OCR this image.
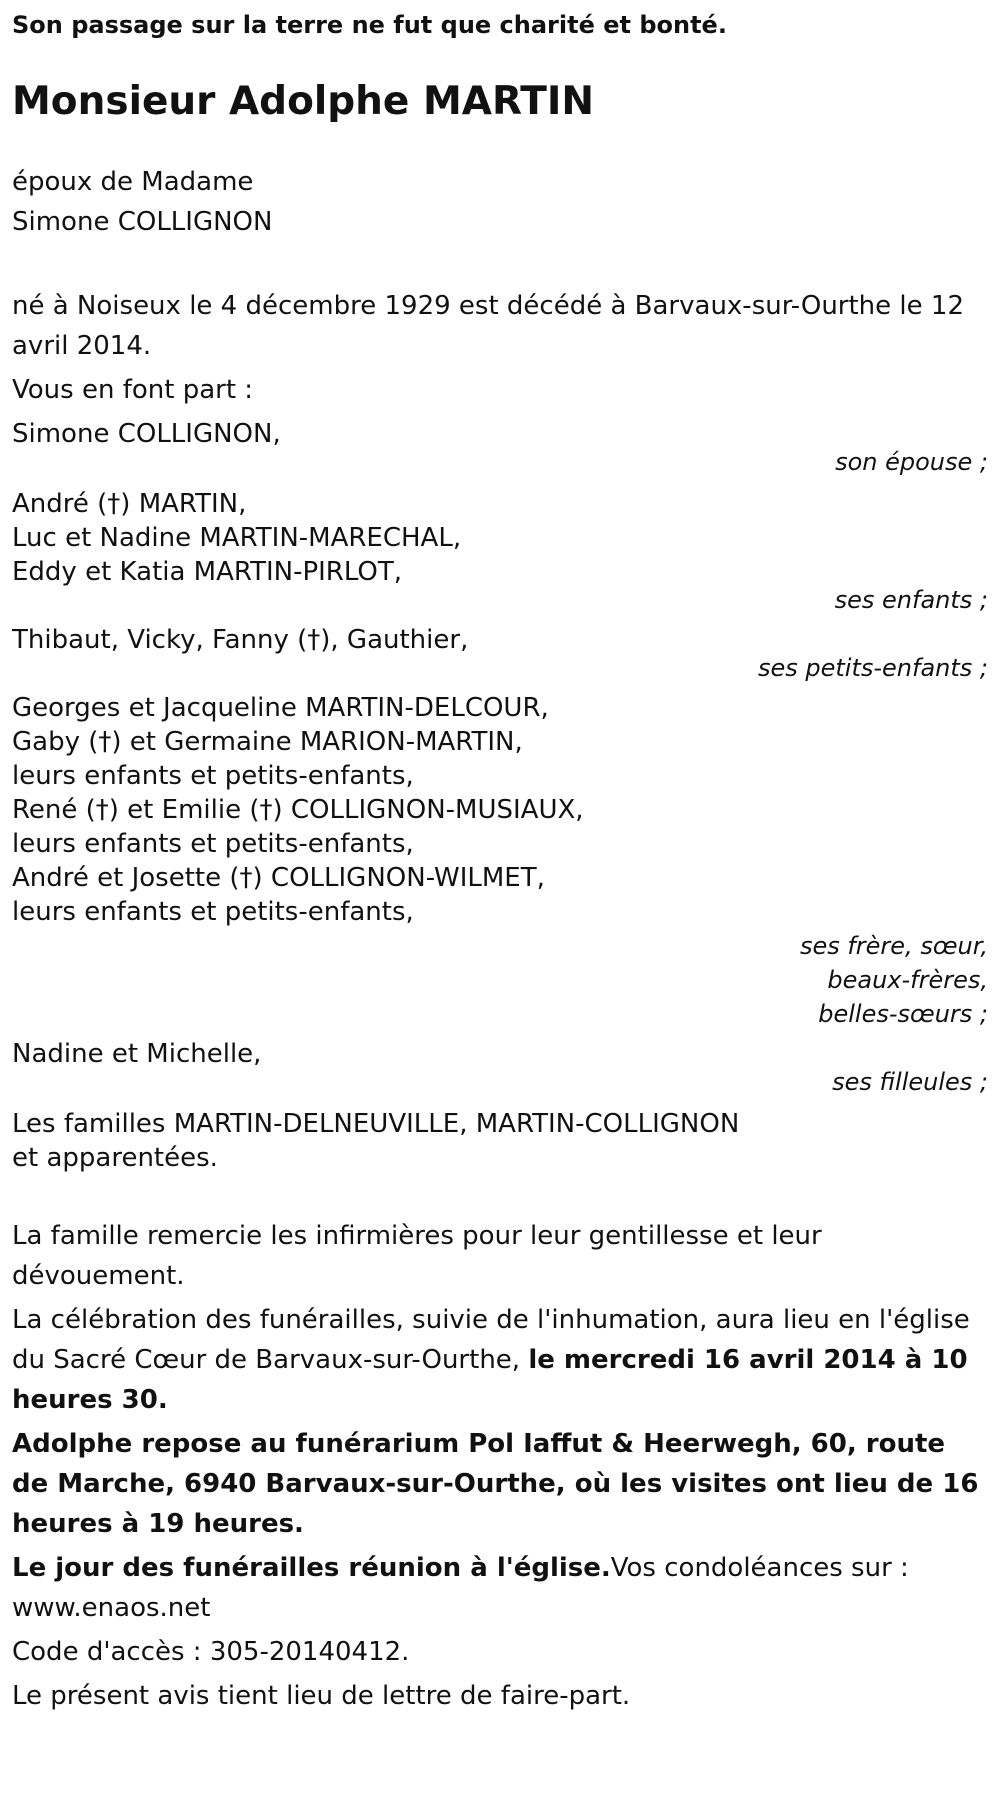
Son passage sur la terre ne fut que charité et bonté.

Monsieur Adolphe MARTIN

époux de Madame

Simone COLLIGNON

né à Noiseux le 4 décembre 1929 est décédé à Barvaux-sur-Ourthe le 12 avril 2014.

Vous en font part :

Simone COLLIGNON,

son épouse ;

André (†) MARTIN,

Luc et Nadine MARTIN-MARECHAL,

Eddy et Katia MARTIN-PIRLOT,

ses enfants ;

Thibaut, Vicky, Fanny (†), Gauthier,

ses petits-enfants ;

Georges et Jacqueline MARTIN-DELCOUR,

Gaby (†) et Germaine MARION-MARTIN,

leurs enfants et petits-enfants,

René (†) et Emilie (†) COLLIGNON-MUSIAUX,

leurs enfants et petits-enfants,

André et Josette (†) COLLIGNON-WILMET,

leurs enfants et petits-enfants,

ses frère, sœur,

beaux-frères,

belles-sœurs ;

Nadine et Michelle,

ses filleules ;

Les familles MARTIN-DELNEUVILLE, MARTIN-COLLIGNON

et apparentées.

La famille remercie les infirmières pour leur gentillesse et leur dévouement.

La célébration des funérailles, suivie de l'inhumation, aura lieu en l'église du Sacré Cœur de Barvaux-sur-Ourthe, le mercredi 16 avril 2014 à 10 heures 30.

Adolphe repose au funérarium Pol Iaffut & Heerwegh, 60, route de Marche, 6940 Barvaux-sur-Ourthe, où les visites ont lieu de 16 heures à 19 heures.

Le jour des funérailles réunion à l'église.Vos condoléances sur : www.enaos.net

Code d'accès : 305-20140412.

Le présent avis tient lieu de lettre de faire-part.
